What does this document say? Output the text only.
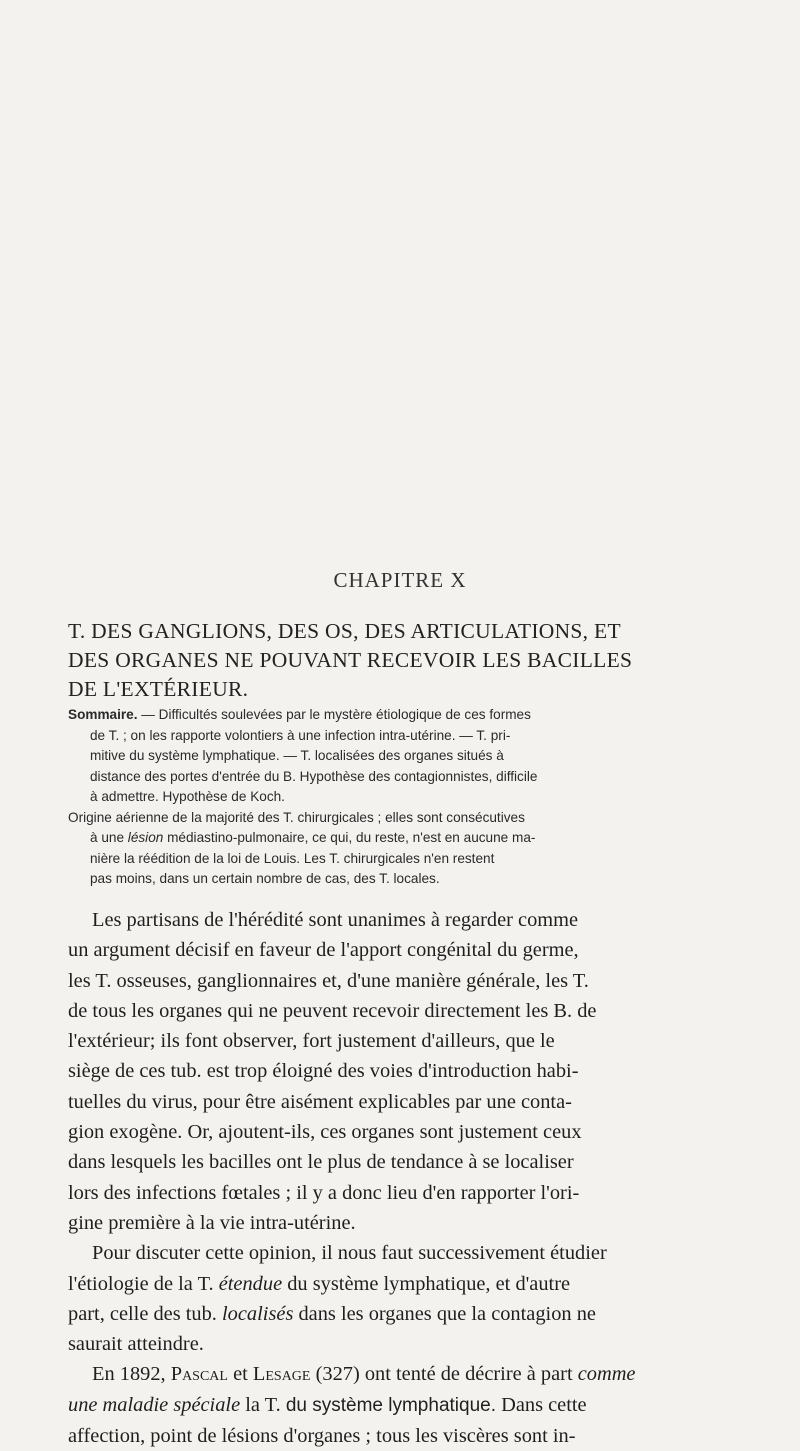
CHAPITRE X
T. DES GANGLIONS, DES OS, DES ARTICULATIONS, ET
DES ORGANES NE POUVANT RECEVOIR LES BACILLES
DE L'EXTÉRIEUR.
Sommaire. — Difficultés soulevées par le mystère étiologique de ces formes
de T. ; on les rapporte volontiers à une infection intra-utérine. — T. pri-
mitive du système lymphatique. — T. localisées des organes situés à
distance des portes d'entrée du B. Hypothèse des contagionnistes, difficile
à admettre. Hypothèse de Koch.
Origine aérienne de la majorité des T. chirurgicales ; elles sont consécutives
à une lésion médiastino-pulmonaire, ce qui, du reste, n'est en aucune ma-
nière la réédition de la loi de Louis. Les T. chirurgicales n'en restent
pas moins, dans un certain nombre de cas, des T. locales.
Les partisans de l'hérédité sont unanimes à regarder comme
un argument décisif en faveur de l'apport congénital du germe,
les T. osseuses, ganglionnaires et, d'une manière générale, les T.
de tous les organes qui ne peuvent recevoir directement les B. de
l'extérieur; ils font observer, fort justement d'ailleurs, que le
siège de ces tub. est trop éloigné des voies d'introduction habi-
tuelles du virus, pour être aisément explicables par une conta-
gion exogène. Or, ajoutent-ils, ces organes sont justement ceux
dans lesquels les bacilles ont le plus de tendance à se localiser
lors des infections fœtales ; il y a donc lieu d'en rapporter l'ori-
gine première à la vie intra-utérine.
Pour discuter cette opinion, il nous faut successivement étudier
l'étiologie de la T. étendue du système lymphatique, et d'autre
part, celle des tub. localisés dans les organes que la contagion ne
saurait atteindre.
En 1892, Pascal et Lesage (327) ont tenté de décrire à part comme
une maladie spéciale la T. du système lymphatique. Dans cette
affection, point de lésions d'organes ; tous les viscères sont in-
